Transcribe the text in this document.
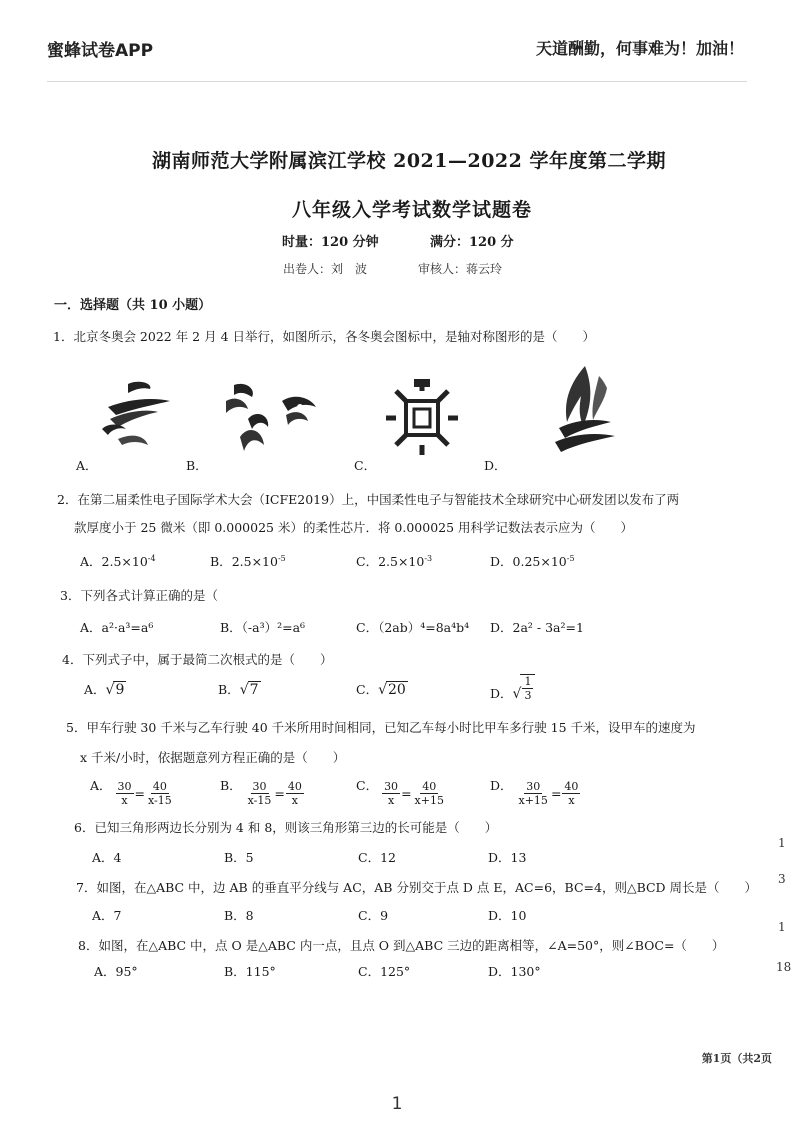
蜜蜂试卷APP	天道酬勤，何事难为！加油！
湖南师范大学附属滨江学校 2021—2022 学年度第二学期
八年级入学考试数学试题卷
时量：120 分钟	满分：120 分
出卷人：刘　波	审核人：蒋云玲
一．选择题（共 10 小题）
1．北京冬奥会 2022 年 2 月 4 日举行，如图所示，各冬奥会图标中，是轴对称图形的是（　　）
A．	B．	C．	D．
2．在第二届柔性电子国际学术大会（ICFE2019）上，中国柔性电子与智能技术全球研究中心研发团以发布了两
款厚度小于 25 微米（即 0.000025 米）的柔性芯片．将 0.000025 用科学记数法表示应为（　　）
A．$2.5\times 10^{-4}$	B．$2.5\times 10^{-5}$	C．$2.5\times 10^{-3}$	D．$0.25\times 10^{-5}$
3．下列各式计算正确的是（
A．a²·a³=a⁶	B．（-a³）²=a⁶	C．（2ab）⁴=8a⁴b⁴ D．2a² - 3a²=1
4．下列式子中，属于最简二次根式的是（　　）
A． √ 9	B． √ 7	C． √ 20	D． √ $\frac{1}{3}$
5．甲车行驶 30 千米与乙车行驶 40 千米所用时间相同，已知乙车每小时比甲车多行驶 15 千米，设甲车的速度为
x 千米/小时，依据题意列方程正确的是（　　）
A． $\frac{30}{x} = \frac{40}{x-15}$	B． $\frac{30}{x-15} = \frac{40}{x}$	C． $\frac{30}{x} = \frac{40}{x+15}$	D． $\frac{30}{x+15} = \frac{40}{x}$
6．已知三角形两边长分别为 4 和 8，则该三角形第三边的长可能是（　　）
A．4	B．5	C．12	D．13
7．如图，在△ABC 中，边 AB 的垂直平分线与 AC，AB 分别交于点 D 点 E，AC=6，BC=4，则△BCD 周长是（　　）
A．7	B．8	C．9	D．10
8．如图，在△ABC 中，点 O 是△ABC 内一点，且点 O 到△ABC 三边的距离相等，∠A=50°，则∠BOC=（　　）
A．95°	B．115°	C．125°	D．130°
1
3
1
18
第1页（共2页
1
